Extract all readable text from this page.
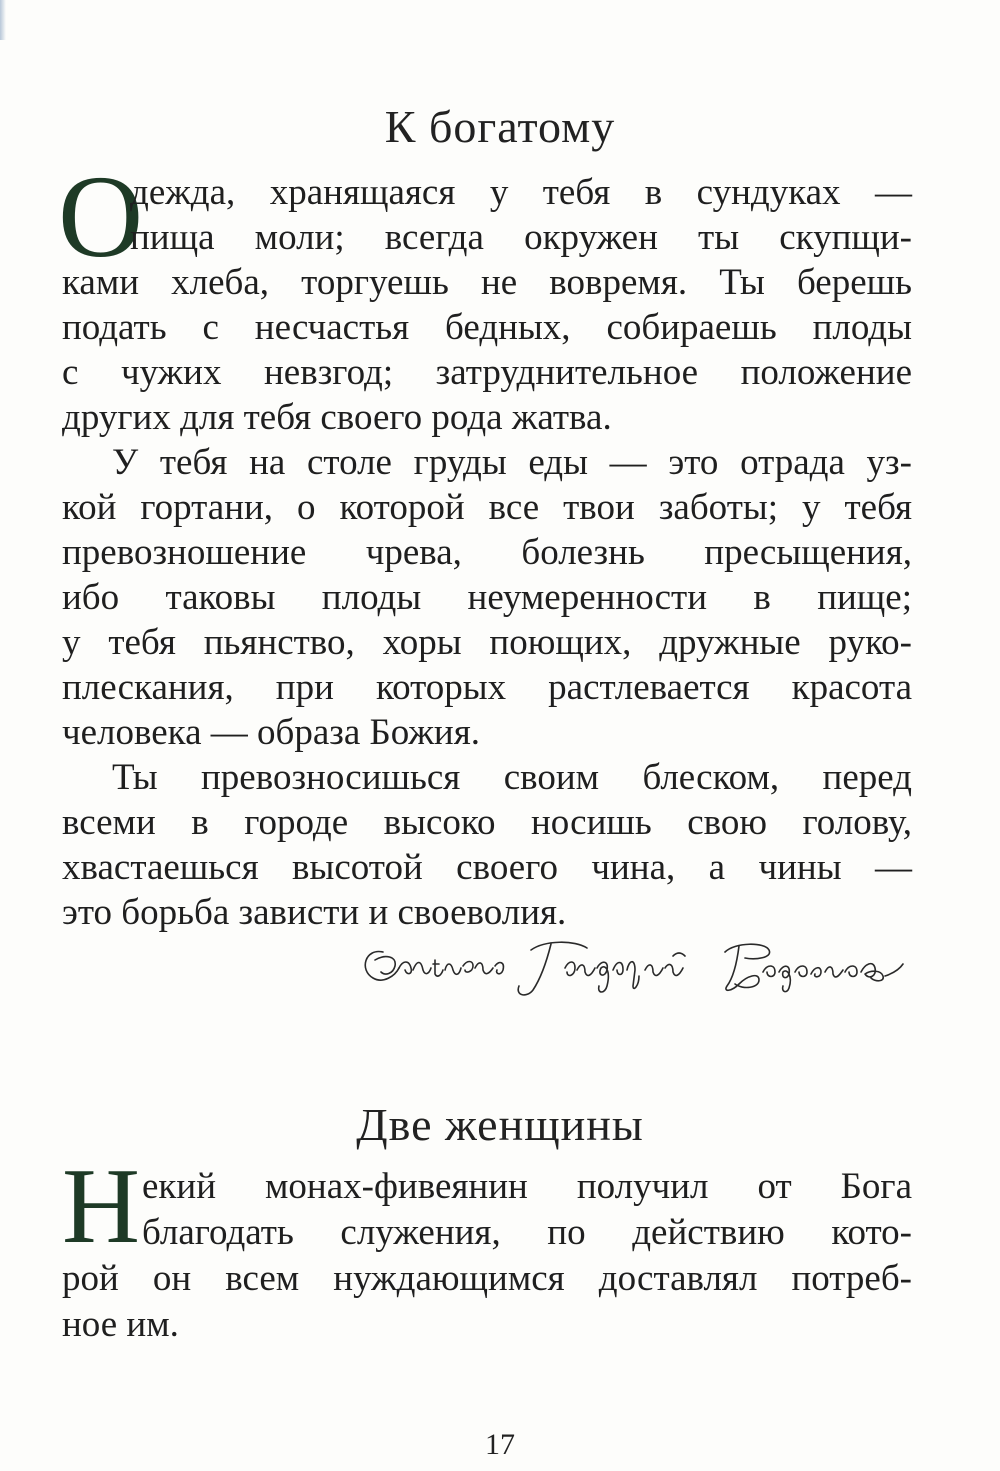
К богатому
О
дежда, хранящаяся у тебя в сундуках —
пища моли; всегда окружен ты скупщи-
ками хлеба, торгуешь не вовремя. Ты берешь
подать с несчастья бедных, собираешь плоды
с чужих невзгод; затруднительное положение
других для тебя своего рода жатва.
У тебя на столе груды еды — это отрада уз-
кой гортани, о которой все твои заботы; у тебя
превозношение чрева, болезнь пресыщения,
ибо таковы плоды неумеренности в пище;
у тебя пьянство, хоры поющих, дружные руко-
плескания, при которых растлевается красота
человека — образа Божия.
Ты превозносишься своим блеском, перед
всеми в городе высоко носишь свою голову,
хвастаешься высотой своего чина, а чины —
это борьба зависти и своеволия.
Две женщины
Н екий монах-фивеянин получил от Бога
благодать служения, по действию кото-
рой он всем нуждающимся доставлял потреб-
ное им.
17
